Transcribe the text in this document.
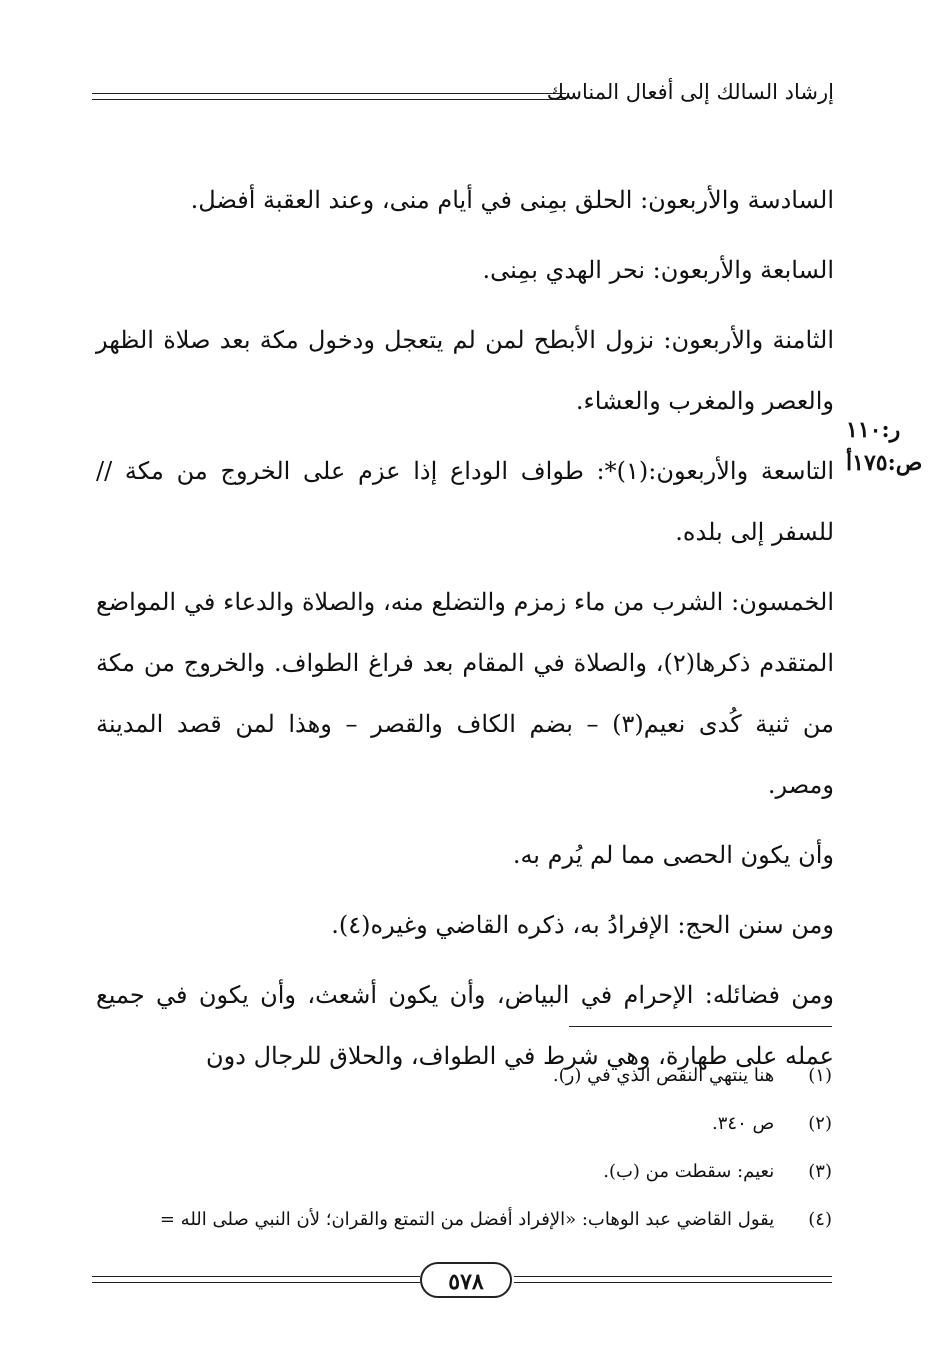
إرشاد السالك إلى أفعال المناسك
ر:١١٠
ص:١٧٥أ

السادسة والأربعون: الحلق بمِنى في أيام منى، وعند العقبة أفضل.

السابعة والأربعون: نحر الهدي بمِنى.

الثامنة والأربعون: نزول الأبطح لمن لم يتعجل ودخول مكة بعد صلاة الظهر والعصر والمغرب والعشاء.

التاسعة والأربعون:(١)*: طواف الوداع إذا عزم على الخروج من مكة // للسفر إلى بلده.

الخمسون: الشرب من ماء زمزم والتضلع منه، والصلاة والدعاء في المواضع المتقدم ذكرها(٢)، والصلاة في المقام بعد فراغ الطواف. والخروج من مكة من ثنية كُدى نعيم(٣) – بضم الكاف والقصر – وهذا لمن قصد المدينة ومصر.

وأن يكون الحصى مما لم يُرم به.

ومن سنن الحج: الإفرادُ به، ذكره القاضي وغيره(٤).

ومن فضائله: الإحرام في البياض، وأن يكون أشعث، وأن يكون في جميع عمله على طهارة، وهي شرط في الطواف، والحلاق للرجال دون

(١) هنا ينتهي النقص الذي في (ر).
(٢) ص ٣٤٠.
(٣) نعيم: سقطت من (ب).
(٤) يقول القاضي عبد الوهاب: «الإفراد أفضل من التمتع والقران؛ لأن النبي صلى الله =
٥٧٨
